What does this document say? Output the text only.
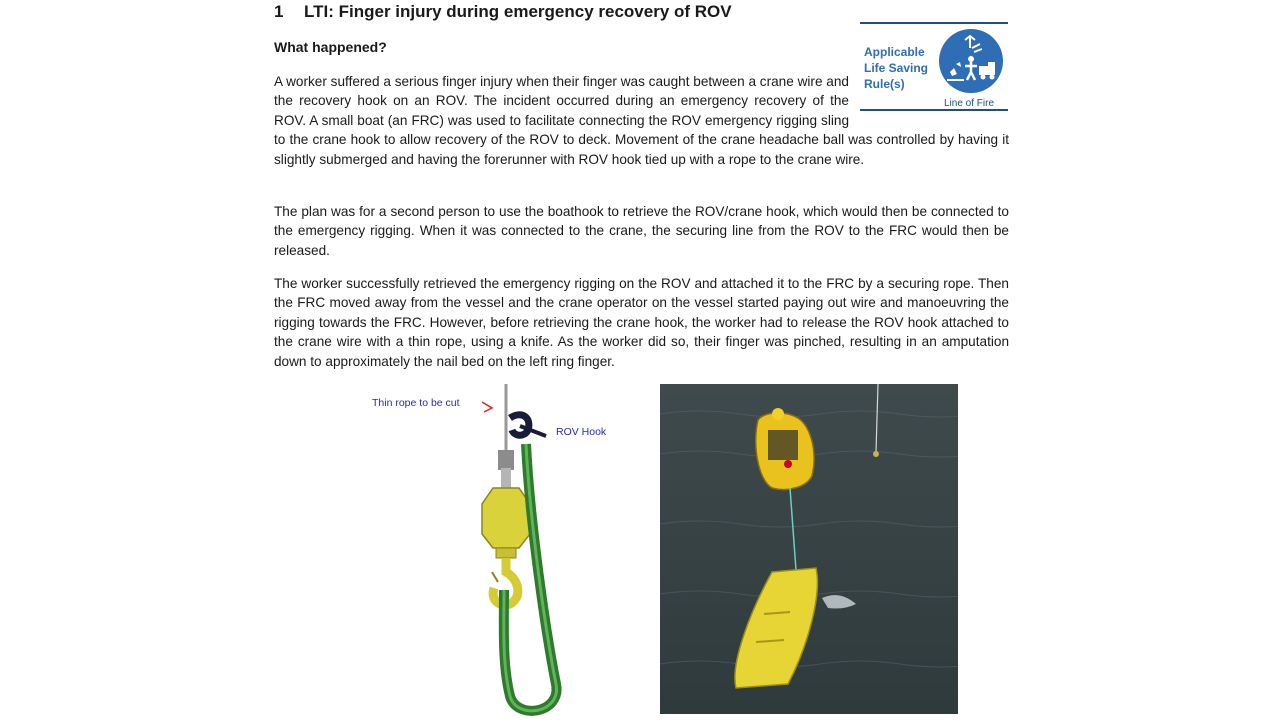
1 LTI: Finger injury during emergency recovery of ROV
What happened?

A worker suffered a serious finger injury when their finger was caught between a crane wire and the recovery hook on an ROV. The incident occurred during an emergency recovery of the ROV. A small boat (an FRC) was used to facilitate connecting the ROV emergency rigging sling to the crane hook to allow recovery of the ROV to deck. Movement of the crane headache ball was controlled by having it slightly submerged and having the forerunner with ROV hook tied up with a rope to the crane wire.

The plan was for a second person to use the boathook to retrieve the ROV/crane hook, which would then be connected to the emergency rigging. When it was connected to the crane, the securing line from the ROV to the FRC would then be released.

The worker successfully retrieved the emergency rigging on the ROV and attached it to the FRC by a securing rope. Then the FRC moved away from the vessel and the crane operator on the vessel started paying out wire and manoeuvring the rigging towards the FRC. However, before retrieving the crane hook, the worker had to release the ROV hook attached to the crane wire with a thin rope, using a knife. As the worker did so, their finger was pinched, resulting in an amputation down to approximately the nail bed on the left ring finger.

Applicable Life Saving Rule(s)
Line of Fire
Thin rope to be cut
ROV Hook
